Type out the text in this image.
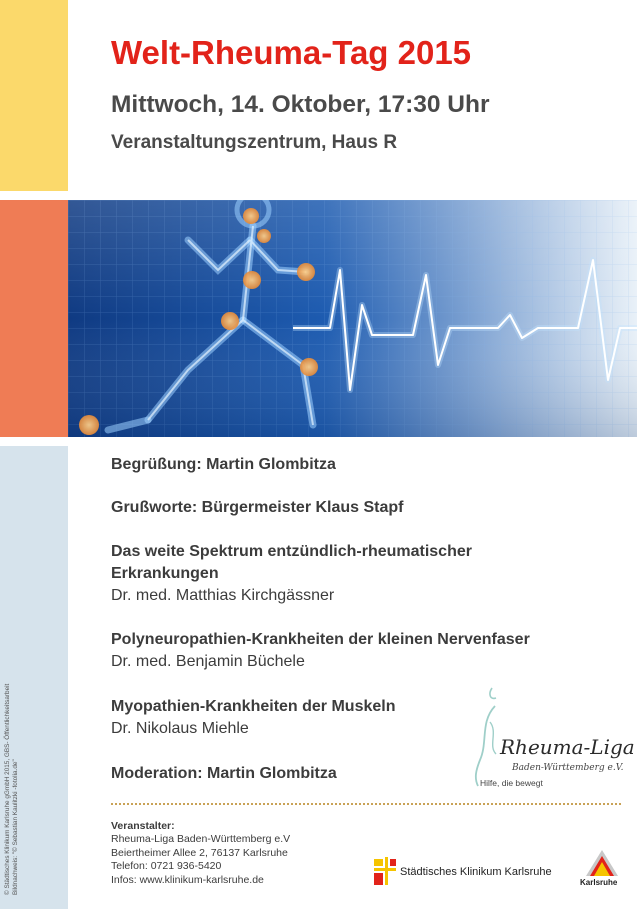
Welt-Rheuma-Tag 2015
Mittwoch, 14. Oktober, 17:30 Uhr
Veranstaltungszentrum, Haus R
Begrüßung: Martin Glombitza
Grußworte: Bürgermeister Klaus Stapf
Das weite Spektrum entzündlich-rheumatischer
Erkrankungen
Dr. med. Matthias Kirchgässner
Polyneuropathien-Krankheiten der kleinen Nervenfaser
Dr. med. Benjamin Büchele
Myopathien-Krankheiten der Muskeln
Dr. Nikolaus Miehle
Moderation: Martin Glombitza
Rheuma-Liga
Baden-Württemberg e.V.
Hilfe, die bewegt
Veranstalter:
Rheuma-Liga Baden-Württemberg e.V
Beiertheimer Allee 2, 76137 Karlsruhe
Telefon: 0721 936-5420
Infos: www.klinikum-karlsruhe.de
© Städtisches Klinikum Karlsruhe gGmbH 2015, GBS- Öffentlichkeitsarbeit Bildnachweis: "© Sebastian Kaulitzki -fotolia.de"	Städtisches Klinikum Karlsruhe
Karlsruhe
